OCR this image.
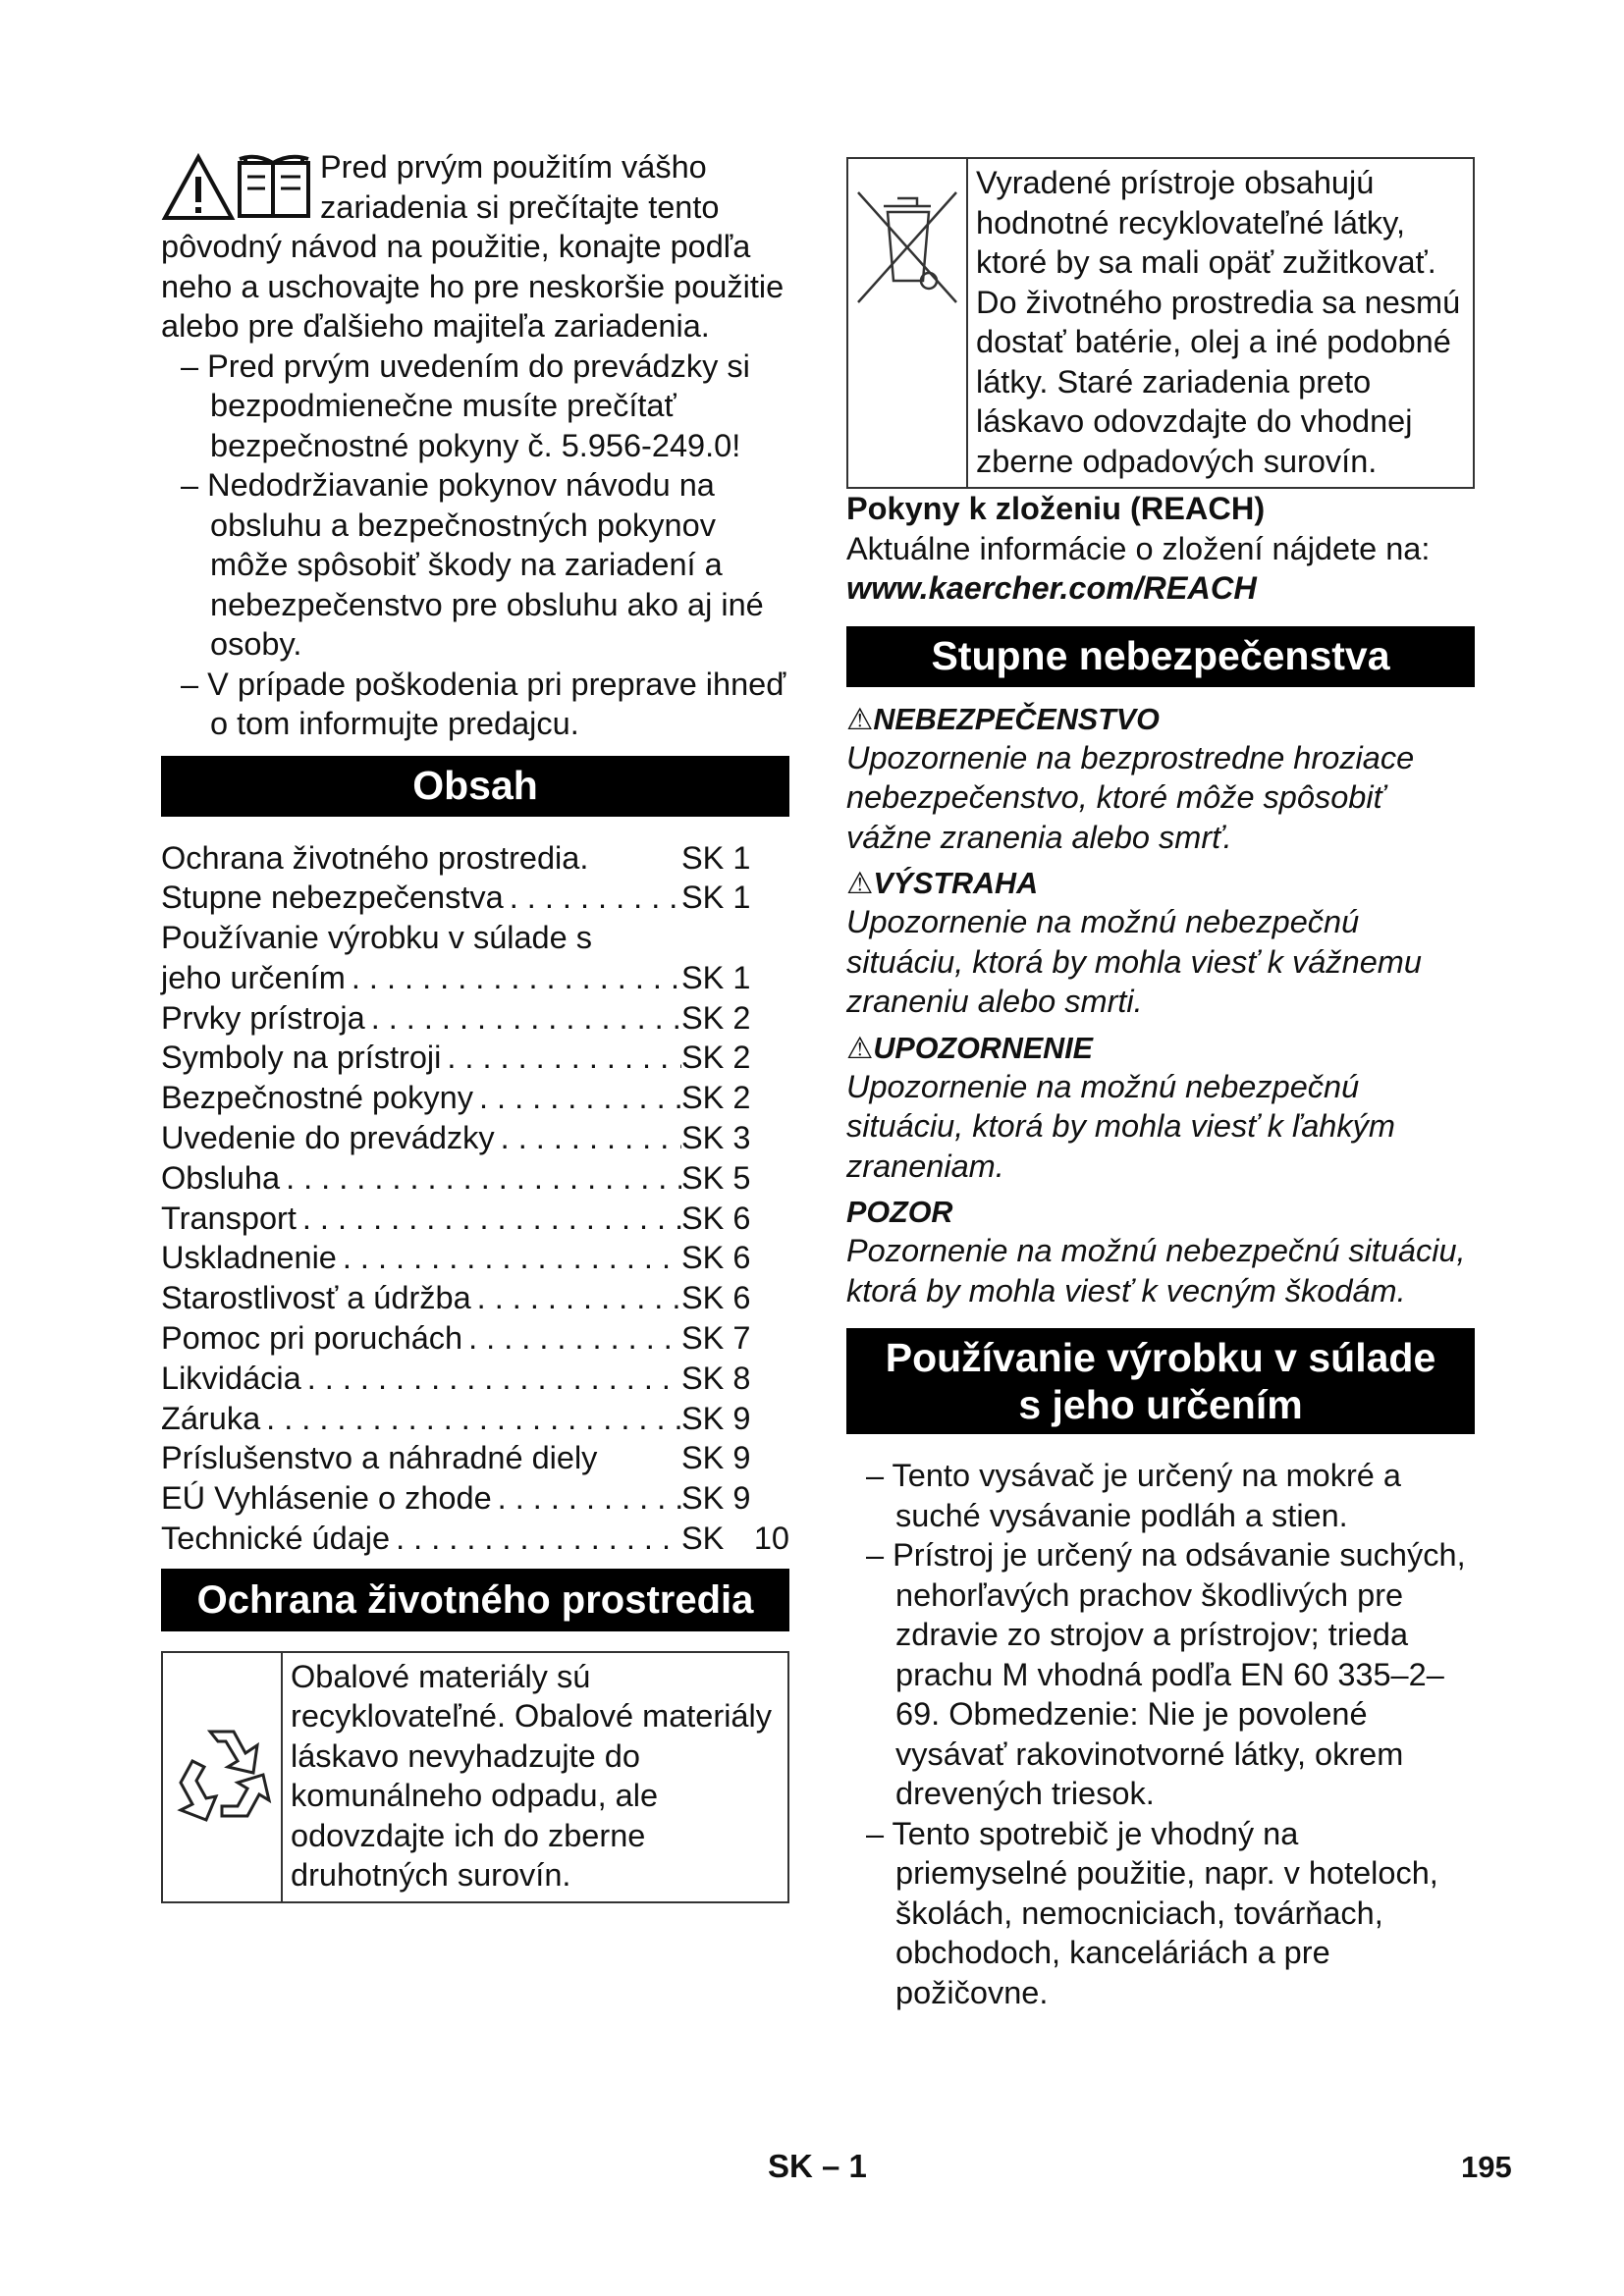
Pred prvým použitím vášho zariadenia si prečítajte tento pôvodný návod na použitie, konajte podľa neho a uschovajte ho pre neskoršie použitie alebo pre ďalšieho majiteľa zariadenia.

– Pred prvým uvedením do prevádzky si bezpodmienečne musíte prečítať bezpečnostné pokyny č. 5.956-249.0!
– Nedodržiavanie pokynov návodu na obsluhu a bezpečnostných pokynov môže spôsobiť škody na zariadení a nebezpečenstvo pre obsluhu ako aj iné osoby.
– V prípade poškodenia pri preprave ihneď o tom informujte predajcu.
Obsah
Ochrana životného prostredia.	SK 1
Stupne nebezpečenstva . . .	SK 1
Používanie výrobku v súlade s
jeho určením . . .	SK 1
Prvky prístroja . . .	SK 2
Symboly na prístroji . . .	SK 2
Bezpečnostné pokyny . . .	SK 2
Uvedenie do prevádzky . . .	SK 3
Obsluha . . .	SK 5
Transport . . .	SK 6
Uskladnenie . . .	SK 6
Starostlivosť a údržba . . .	SK 6
Pomoc pri poruchách . . .	SK 7
Likvidácia . . .	SK 8
Záruka . . .	SK 9
Príslušenstvo a náhradné diely	SK 9
EÚ Vyhlásenie o zhode . . .	SK 9
Technické údaje . . .	SK 10
Ochrana životného prostredia
Obalové materiály sú recyklovateľné. Obalové materiály láskavo nevyhadzujte do komunálneho odpadu, ale odovzdajte ich do zberne druhotných surovín.
Vyradené prístroje obsahujú hodnotné recyklovateľné látky, ktoré by sa mali opäť zužitkovať. Do životného prostredia sa nesmú dostať batérie, olej a iné podobné látky. Staré zariadenia preto láskavo odovzdajte do vhodnej zberne odpadových surovín.

Pokyny k zloženiu (REACH)

Aktuálne informácie o zložení nájdete na:

www.kaercher.com/REACH

Stupne nebezpečenstva
⚠NEBEZPEČENSTVO

Upozornenie na bezprostredne hroziace nebezpečenstvo, ktoré môže spôsobiť vážne zranenia alebo smrť.

⚠VÝSTRAHA

Upozornenie na možnú nebezpečnú situáciu, ktorá by mohla viesť k vážnemu zraneniu alebo smrti.

⚠UPOZORNENIE

Upozornenie na možnú nebezpečnú situáciu, ktorá by mohla viesť k ľahkým zraneniam.

POZOR

Pozornenie na možnú nebezpečnú situáciu, ktorá by mohla viesť k vecným škodám.

Používanie výrobku v súlade
s jeho určením
– Tento vysávač je určený na mokré a suché vysávanie podláh a stien.
– Prístroj je určený na odsávanie suchých, nehorľavých prachov škodlivých pre zdravie zo strojov a prístrojov; trieda prachu M vhodná podľa EN 60 335–2–69. Obmedzenie: Nie je povolené vysávať rakovinotvorné látky, okrem drevených triesok.
– Tento spotrebič je vhodný na priemyselné použitie, napr. v hoteloch, školách, nemocniciach, továrňach, obchodoch, kanceláriách a pre požičovne.
SK – 1	195
